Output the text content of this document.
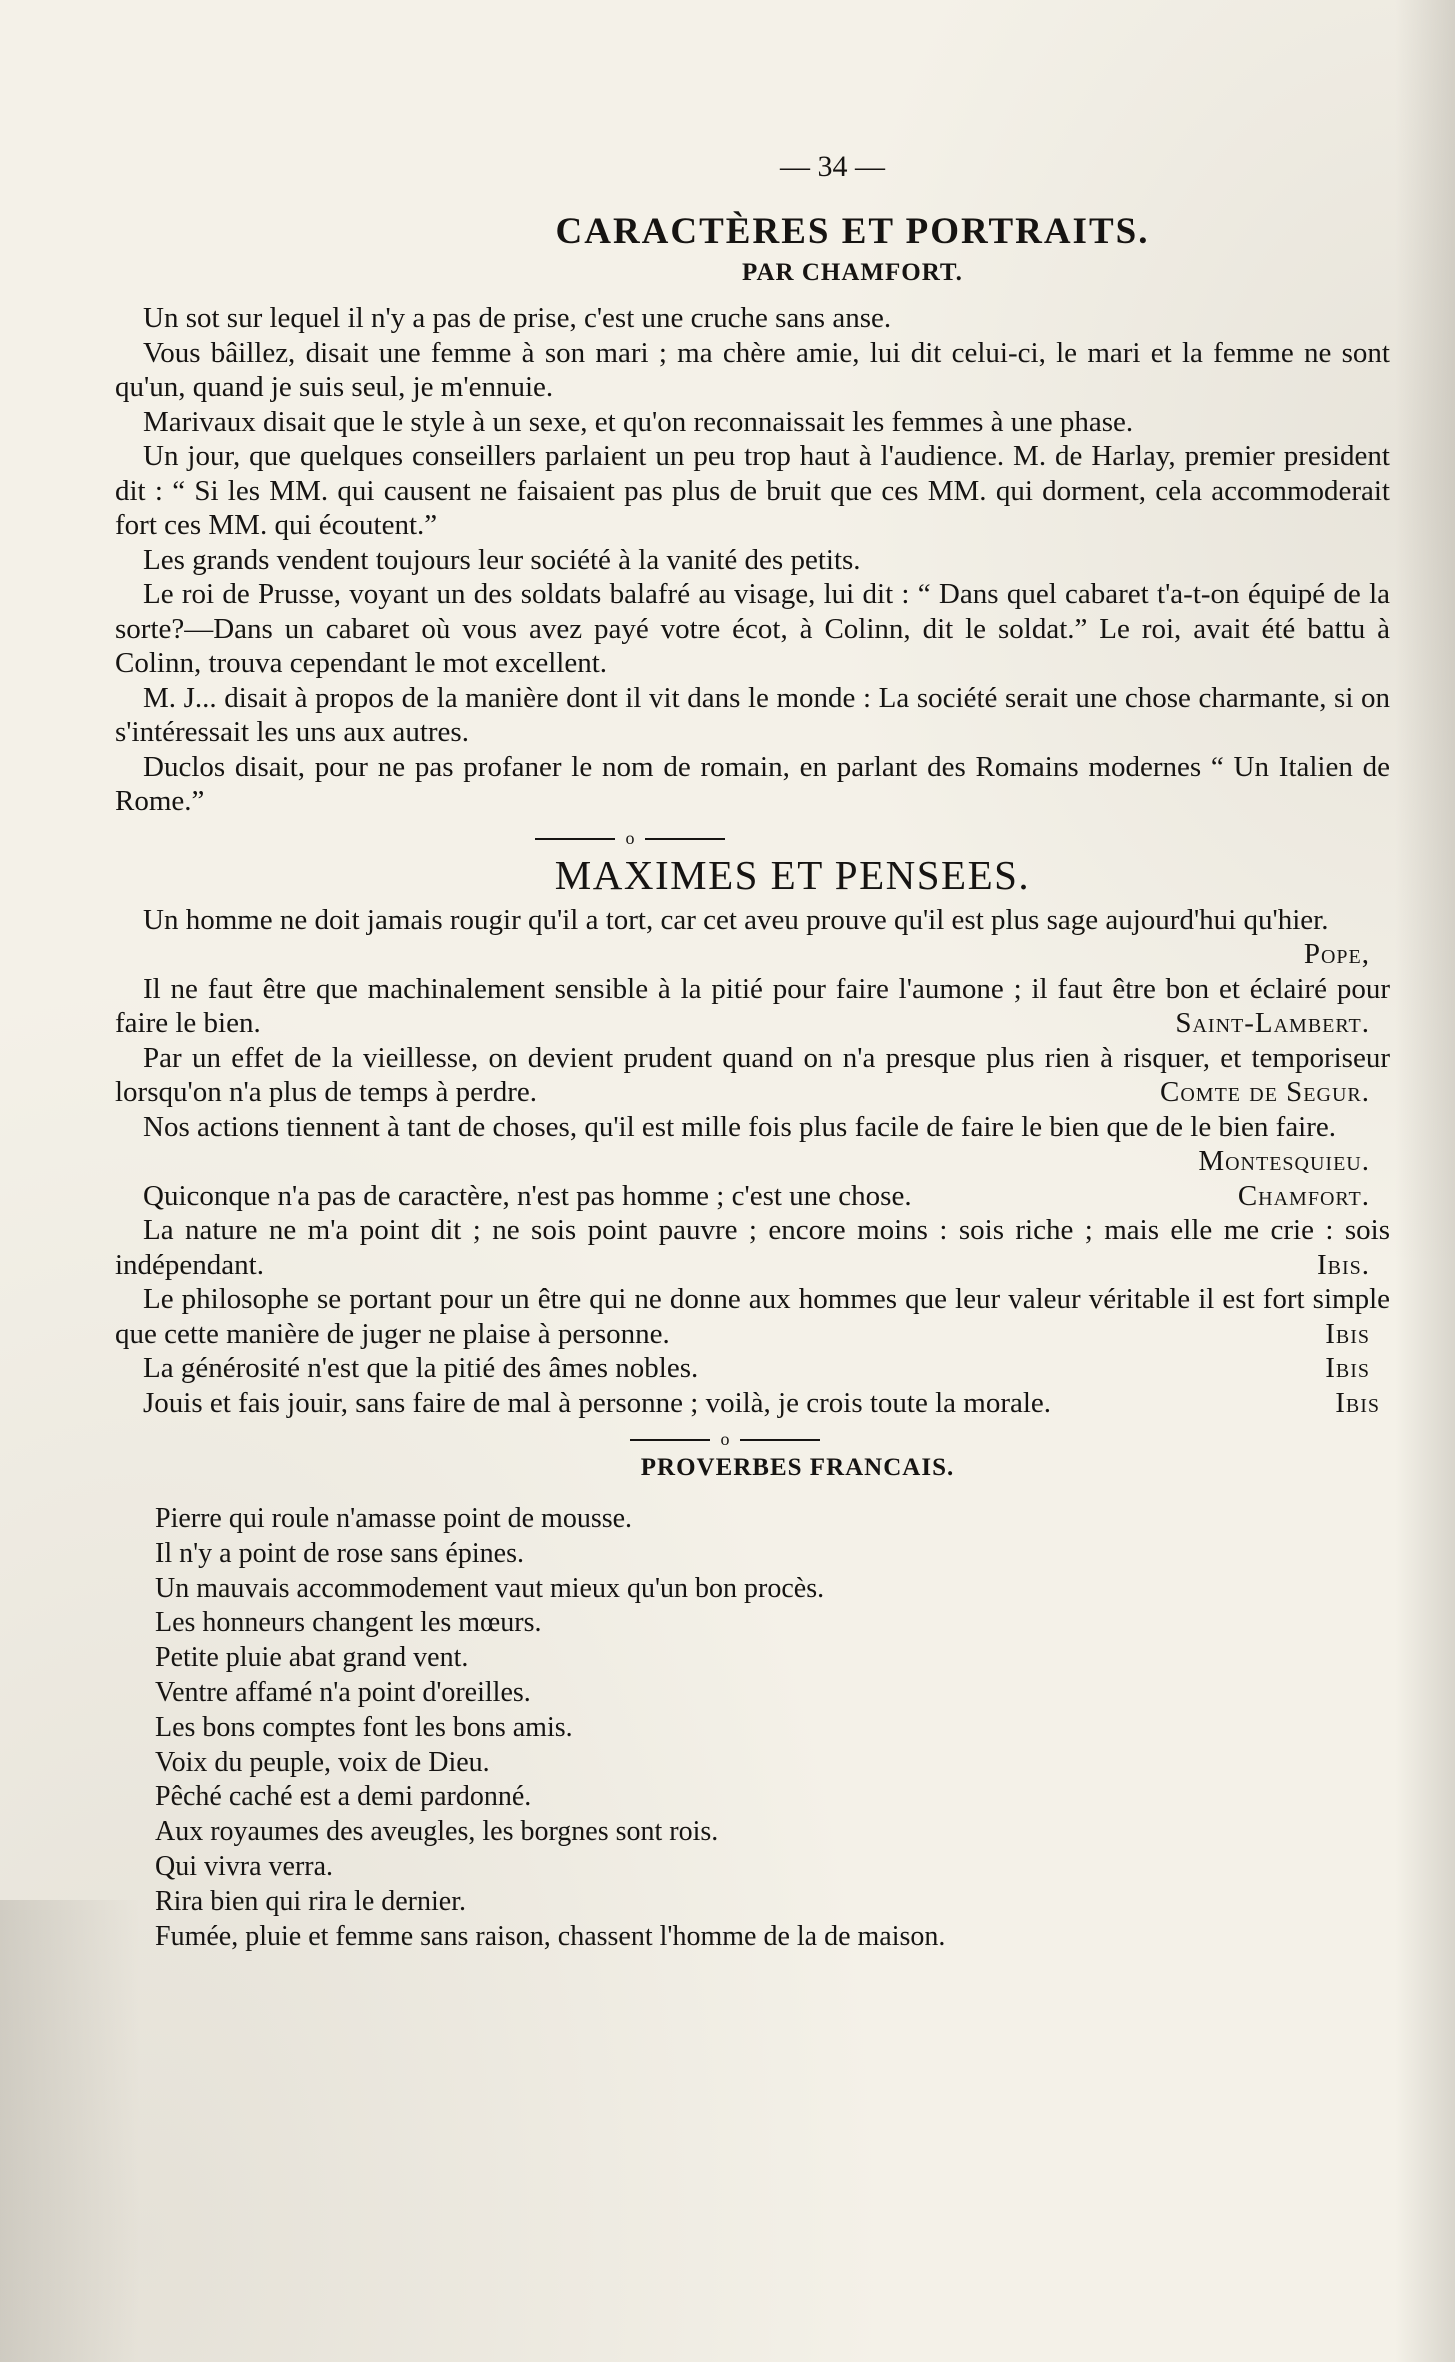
— 34 —
CARACTÈRES ET PORTRAITS.
PAR CHAMFORT.

Un sot sur lequel il n'y a pas de prise, c'est une cruche sans anse.

Vous bâillez, disait une femme à son mari ; ma chère amie, lui dit celui-ci, le mari et la femme ne sont qu'un, quand je suis seul, je m'ennuie.

Marivaux disait que le style à un sexe, et qu'on reconnaissait les femmes à une phase.

Un jour, que quelques conseillers parlaient un peu trop haut à l'audience. M. de Harlay, premier president dit : “ Si les MM. qui causent ne faisaient pas plus de bruit que ces MM. qui dorment, cela accommoderait fort ces MM. qui écoutent.”

Les grands vendent toujours leur société à la vanité des petits.

Le roi de Prusse, voyant un des soldats balafré au visage, lui dit : “ Dans quel cabaret t'a-t-on équipé de la sorte?—Dans un cabaret où vous avez payé votre écot, à Colinn, dit le soldat.” Le roi, avait été battu à Colinn, trouva cependant le mot excellent.

M. J... disait à propos de la manière dont il vit dans le monde : La société serait une chose charmante, si on s'intéressait les uns aux autres.

Duclos disait, pour ne pas profaner le nom de romain, en parlant des Romains modernes “ Un Italien de Rome.”

o
MAXIMES ET PENSEES.

Un homme ne doit jamais rougir qu'il a tort, car cet aveu prouve qu'il est plus sage aujourd'hui qu'hier.
Pope,

Il ne faut être que machinalement sensible à la pitié pour faire l'aumone ; il faut être bon et éclairé pour faire le bien.	Saint-Lambert.

Par un effet de la vieillesse, on devient prudent quand on n'a presque plus rien à risquer, et temporiseur lorsqu'on n'a plus de temps à perdre.	Comte de Segur.

Nos actions tiennent à tant de choses, qu'il est mille fois plus facile de faire le bien que de le bien faire.
Montesquieu.

Quiconque n'a pas de caractère, n'est pas homme ; c'est une chose.	Chamfort.

La nature ne m'a point dit ; ne sois point pauvre ; encore moins : sois riche ; mais elle me crie : sois indépendant.	Ibis.

Le philosophe se portant pour un être qui ne donne aux hommes que leur valeur véritable il est fort simple que cette manière de juger ne plaise à personne.	Ibis

La générosité n'est que la pitié des âmes nobles.	Ibis

Jouis et fais jouir, sans faire de mal à personne ; voilà, je crois toute la morale.	Ibis

o
PROVERBES FRANCAIS.
Pierre qui roule n'amasse point de mousse.
Il n'y a point de rose sans épines.
Un mauvais accommodement vaut mieux qu'un bon procès.
Les honneurs changent les mœurs.
Petite pluie abat grand vent.
Ventre affamé n'a point d'oreilles.
Les bons comptes font les bons amis.
Voix du peuple, voix de Dieu.
Pêché caché est a demi pardonné.
Aux royaumes des aveugles, les borgnes sont rois.
Qui vivra verra.
Rira bien qui rira le dernier.
Fumée, pluie et femme sans raison, chassent l'homme de la de maison.
